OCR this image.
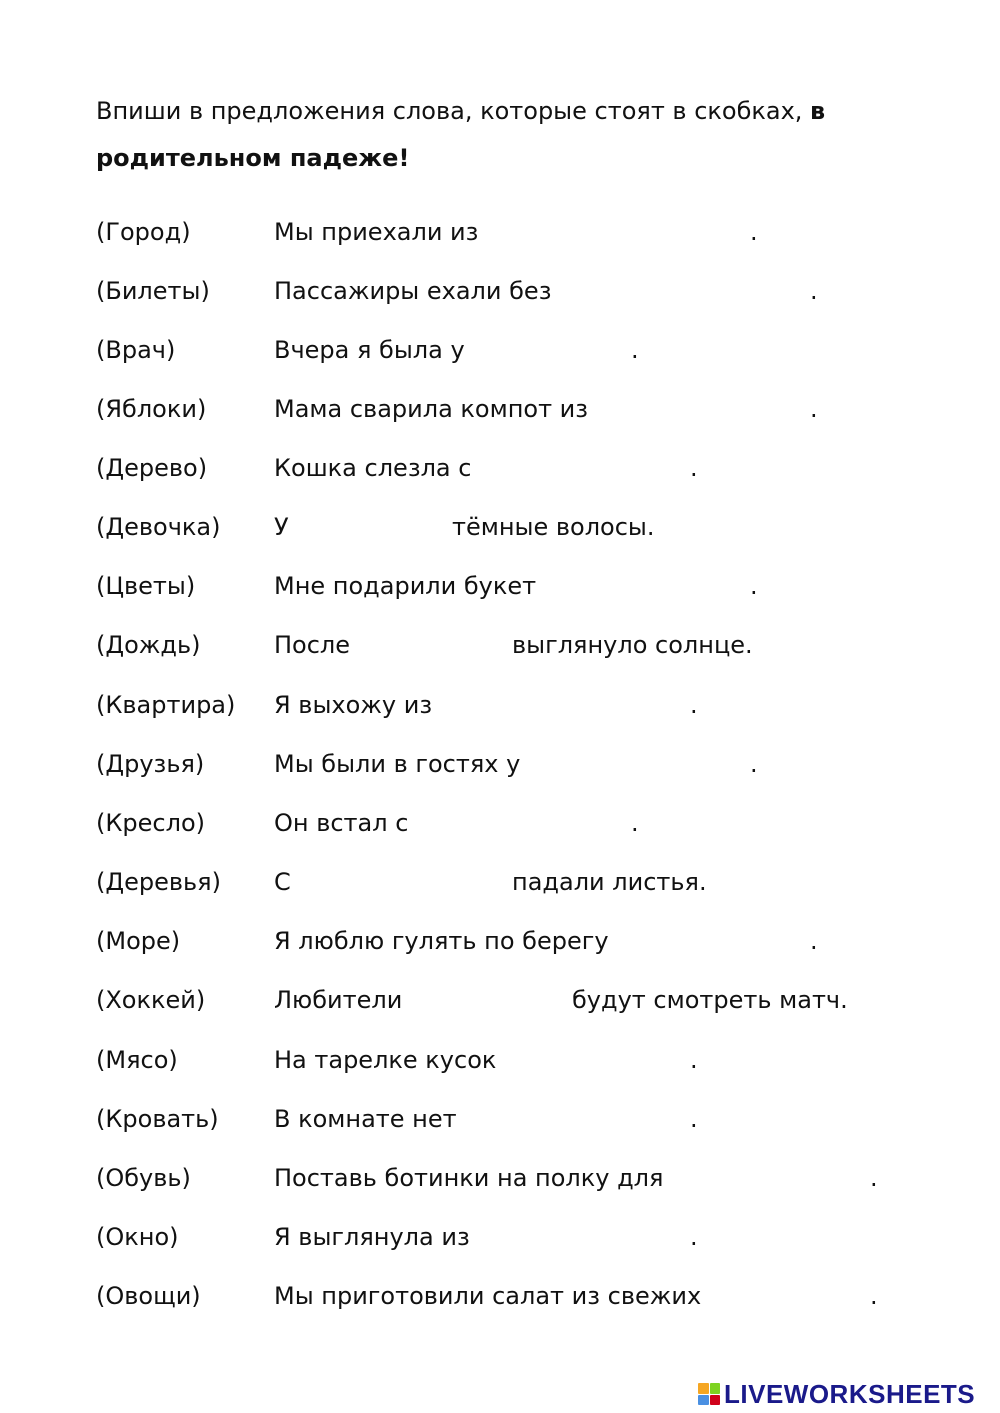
Впиши в предложения слова, которые стоят в скобках, в родительном падеже!

(Город)	Мы приехали из	.
(Билеты)	Пассажиры ехали без	.
(Врач)	Вчера я была у	.
(Яблоки)	Мама сварила компот из	.
(Дерево)	Кошка слезла с	.
(Девочка) У	тёмные волосы.
(Цветы)	Мне подарили букет	.
(Дождь)	После	выглянуло солнце.
(Квартира) Я выхожу из	.
(Друзья)	Мы были в гостях у	.
(Кресло)	Он встал с	.
(Деревья) С	падали листья.
(Море)	Я люблю гулять по берегу	.
(Хоккей)	Любители	будут смотреть матч.
(Мясо)	На тарелке кусок	.
(Кровать) В комнате нет	.
(Обувь)	Поставь ботинки на полку для	.
(Окно)	Я выглянула из	.
(Овощи)	Мы приготовили салат из свежих	.
LIVEWORKSHEETS
